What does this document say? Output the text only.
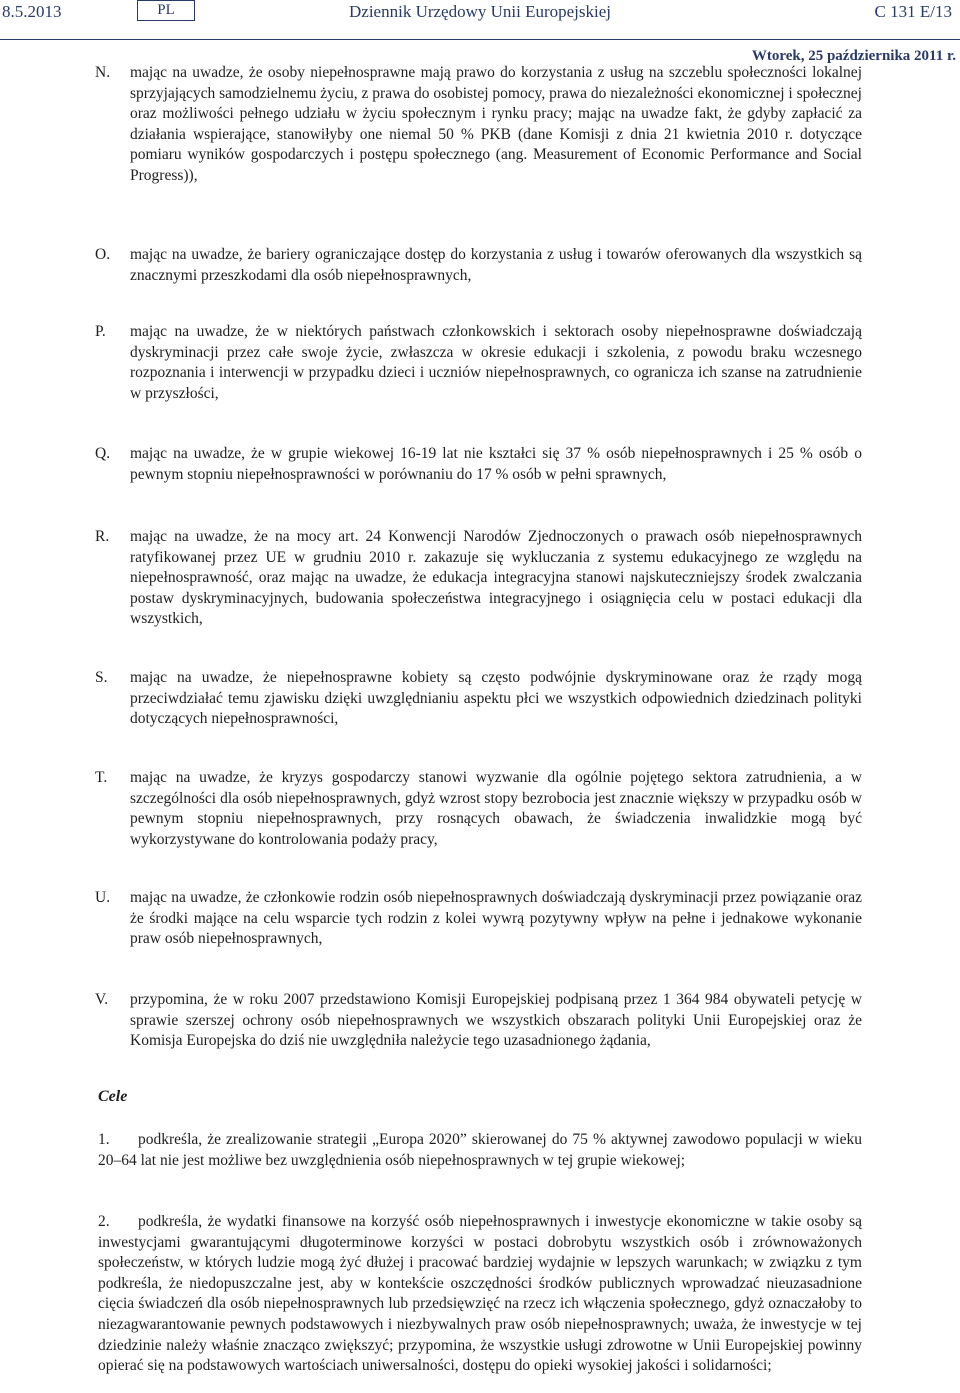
8.5.2013	PL	Dziennik Urzędowy Unii Europejskiej	C 131 E/13
Wtorek, 25 października 2011 r.
N. mając na uwadze, że osoby niepełnosprawne mają prawo do korzystania z usług na szczeblu społeczności lokalnej sprzyjających samodzielnemu życiu, z prawa do osobistej pomocy, prawa do niezależności ekonomicznej i społecznej oraz możliwości pełnego udziału w życiu społecznym i rynku pracy; mając na uwadze fakt, że gdyby zapłacić za działania wspierające, stanowiłyby one niemal 50 % PKB (dane Komisji z dnia 21 kwietnia 2010 r. dotyczące pomiaru wyników gospodarczych i postępu społecznego (ang. Measurement of Economic Performance and Social Progress)),
O. mając na uwadze, że bariery ograniczające dostęp do korzystania z usług i towarów oferowanych dla wszystkich są znacznymi przeszkodami dla osób niepełnosprawnych,
P. mając na uwadze, że w niektórych państwach członkowskich i sektorach osoby niepełnosprawne doświadczają dyskryminacji przez całe swoje życie, zwłaszcza w okresie edukacji i szkolenia, z powodu braku wczesnego rozpoznania i interwencji w przypadku dzieci i uczniów niepełnosprawnych, co ogranicza ich szanse na zatrudnienie w przyszłości,
Q. mając na uwadze, że w grupie wiekowej 16-19 lat nie kształci się 37 % osób niepełnosprawnych i 25 % osób o pewnym stopniu niepełnosprawności w porównaniu do 17 % osób w pełni sprawnych,
R. mając na uwadze, że na mocy art. 24 Konwencji Narodów Zjednoczonych o prawach osób niepełnosprawnych ratyfikowanej przez UE w grudniu 2010 r. zakazuje się wykluczania z systemu edukacyjnego ze względu na niepełnosprawność, oraz mając na uwadze, że edukacja integracyjna stanowi najskuteczniejszy środek zwalczania postaw dyskryminacyjnych, budowania społeczeństwa integracyjnego i osiągnięcia celu w postaci edukacji dla wszystkich,
S. mając na uwadze, że niepełnosprawne kobiety są często podwójnie dyskryminowane oraz że rządy mogą przeciwdziałać temu zjawisku dzięki uwzględnianiu aspektu płci we wszystkich odpowiednich dziedzinach polityki dotyczących niepełnosprawności,
T. mając na uwadze, że kryzys gospodarczy stanowi wyzwanie dla ogólnie pojętego sektora zatrudnienia, a w szczególności dla osób niepełnosprawnych, gdyż wzrost stopy bezrobocia jest znacznie większy w przypadku osób w pewnym stopniu niepełnosprawnych, przy rosnących obawach, że świadczenia inwalidzkie mogą być wykorzystywane do kontrolowania podaży pracy,
U. mając na uwadze, że członkowie rodzin osób niepełnosprawnych doświadczają dyskryminacji przez powiązanie oraz że środki mające na celu wsparcie tych rodzin z kolei wywrą pozytywny wpływ na pełne i jednakowe wykonanie praw osób niepełnosprawnych,
V. przypomina, że w roku 2007 przedstawiono Komisji Europejskiej podpisaną przez 1 364 984 obywateli petycję w sprawie szerszej ochrony osób niepełnosprawnych we wszystkich obszarach polityki Unii Europejskiej oraz że Komisja Europejska do dziś nie uwzględniła należycie tego uzasadnionego żądania,
Cele
1. podkreśla, że zrealizowanie strategii „Europa 2020” skierowanej do 75 % aktywnej zawodowo populacji w wieku 20–64 lat nie jest możliwe bez uwzględnienia osób niepełnosprawnych w tej grupie wiekowej;
2. podkreśla, że wydatki finansowe na korzyść osób niepełnosprawnych i inwestycje ekonomiczne w takie osoby są inwestycjami gwarantującymi długoterminowe korzyści w postaci dobrobytu wszystkich osób i zrównoważonych społeczeństw, w których ludzie mogą żyć dłużej i pracować bardziej wydajnie w lepszych warunkach; w związku z tym podkreśla, że niedopuszczalne jest, aby w kontekście oszczędności środków publicznych wprowadzać nieuzasadnione cięcia świadczeń dla osób niepełnosprawnych lub przedsięwzięć na rzecz ich włączenia społecznego, gdyż oznaczałoby to niezagwarantowanie pewnych podstawowych i niezbywalnych praw osób niepełnosprawnych; uważa, że inwestycje w tej dziedzinie należy właśnie znacząco zwiększyć; przypomina, że wszystkie usługi zdrowotne w Unii Europejskiej powinny opierać się na podstawowych wartościach uniwersalności, dostępu do opieki wysokiej jakości i solidarności;
